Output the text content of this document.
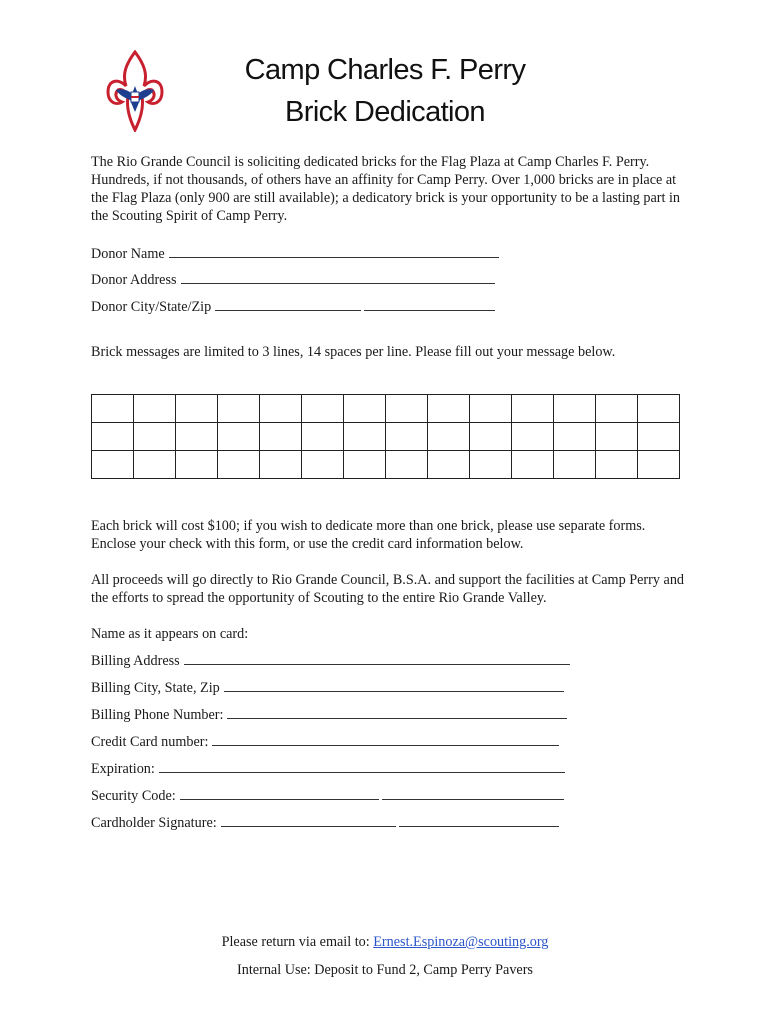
Camp Charles F. Perry
Brick Dedication
The Rio Grande Council is soliciting dedicated bricks for the Flag Plaza at Camp Charles F. Perry. Hundreds, if not thousands, of others have an affinity for Camp Perry. Over 1,000 bricks are in place at the Flag Plaza (only 900 are still available); a dedicatory brick is your opportunity to be a lasting part in the Scouting Spirit of Camp Perry.
Donor Name
Donor Address
Donor City/State/Zip
Brick messages are limited to 3 lines, 14 spaces per line. Please fill out your message below.

Each brick will cost $100; if you wish to dedicate more than one brick, please use separate forms. Enclose your check with this form, or use the credit card information below.
All proceeds will go directly to Rio Grande Council, B.S.A. and support the facilities at Camp Perry and the efforts to spread the opportunity of Scouting to the entire Rio Grande Valley.
Name as it appears on card:
Billing Address
Billing City, State, Zip
Billing Phone Number:
Credit Card number:
Expiration:
Security Code:
Cardholder Signature:
Please return via email to: Ernest.Espinoza@scouting.org
Internal Use: Deposit to Fund 2, Camp Perry Pavers
